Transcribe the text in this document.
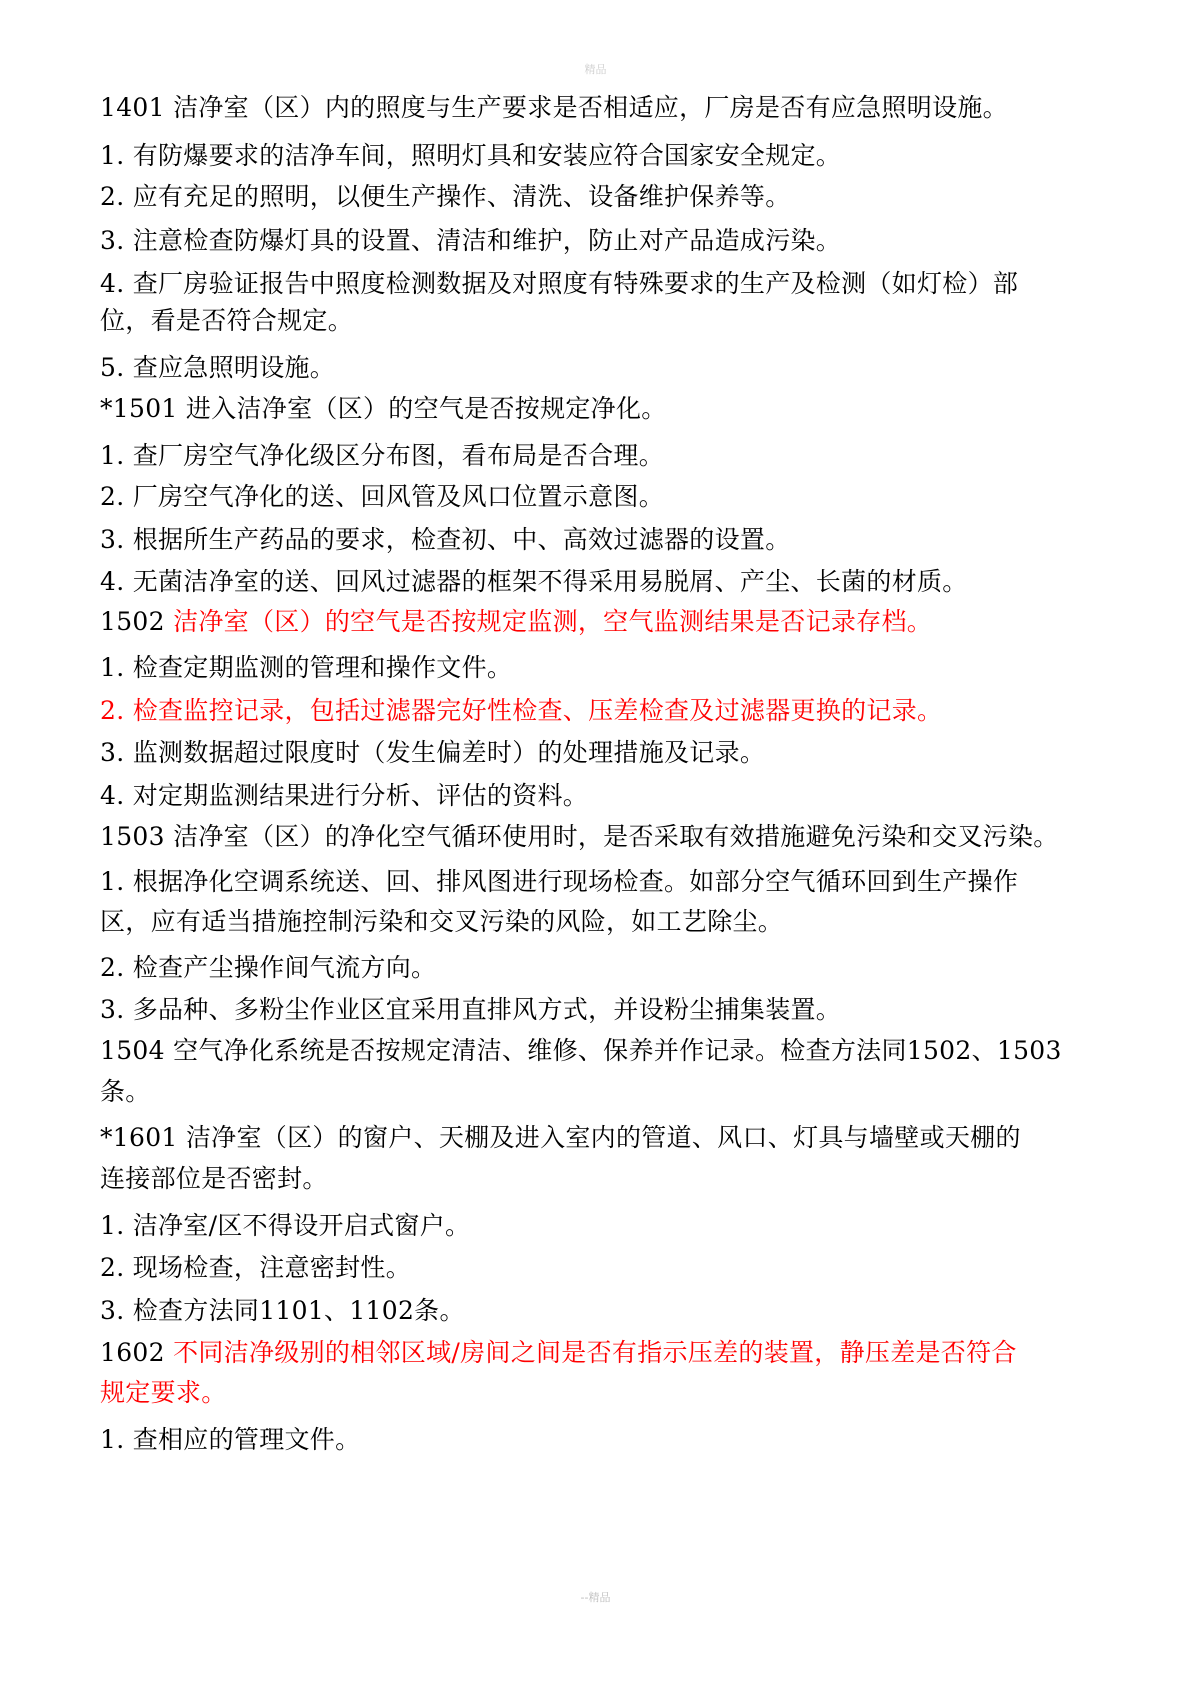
精品
1401 洁净室（区）内的照度与生产要求是否相适应，厂房是否有应急照明设施。
1. 有防爆要求的洁净车间，照明灯具和安装应符合国家安全规定。
2. 应有充足的照明，以便生产操作、清洗、设备维护保养等。
3. 注意检查防爆灯具的设置、清洁和维护，防止对产品造成污染。
4. 查厂房验证报告中照度检测数据及对照度有特殊要求的生产及检测（如灯检）部
位，看是否符合规定。
5. 查应急照明设施。
*1501 进入洁净室（区）的空气是否按规定净化。
1. 查厂房空气净化级区分布图，看布局是否合理。
2. 厂房空气净化的送、回风管及风口位置示意图。
3. 根据所生产药品的要求，检查初、中、高效过滤器的设置。
4. 无菌洁净室的送、回风过滤器的框架不得采用易脱屑、产尘、长菌的材质。
1502 洁净室（区）的空气是否按规定监测，空气监测结果是否记录存档。
1. 检查定期监测的管理和操作文件。
2. 检查监控记录，包括过滤器完好性检查、压差检查及过滤器更换的记录。
3. 监测数据超过限度时（发生偏差时）的处理措施及记录。
4. 对定期监测结果进行分析、评估的资料。
1503 洁净室（区）的净化空气循环使用时，是否采取有效措施避免污染和交叉污染。
1. 根据净化空调系统送、回、排风图进行现场检查。如部分空气循环回到生产操作
区，应有适当措施控制污染和交叉污染的风险，如工艺除尘。
2. 检查产尘操作间气流方向。
3. 多品种、多粉尘作业区宜采用直排风方式，并设粉尘捕集装置。
1504 空气净化系统是否按规定清洁、维修、保养并作记录。检查方法同1502、1503
条。
*1601 洁净室（区）的窗户、天棚及进入室内的管道、风口、灯具与墙壁或天棚的
连接部位是否密封。
1. 洁净室/区不得设开启式窗户。
2. 现场检查，注意密封性。
3. 检查方法同1101、1102条。
1602 不同洁净级别的相邻区域/房间之间是否有指示压差的装置，静压差是否符合
规定要求。
1. 查相应的管理文件。
--精品
